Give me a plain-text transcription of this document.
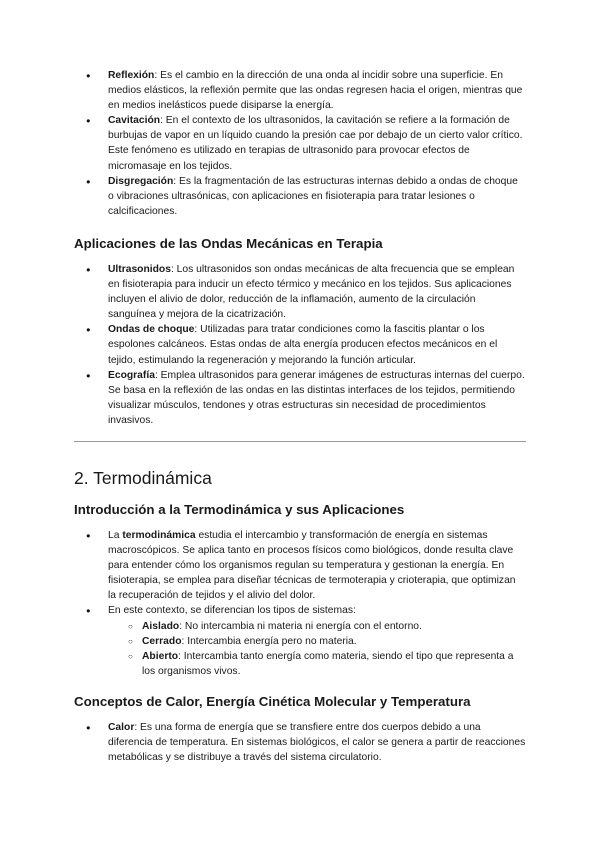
● Reflexión: Es el cambio en la dirección de una onda al incidir sobre una superficie. En medios elásticos, la reflexión permite que las ondas regresen hacia el origen, mientras que en medios inelásticos puede disiparse la energía.
● Cavitación: En el contexto de los ultrasonidos, la cavitación se refiere a la formación de burbujas de vapor en un líquido cuando la presión cae por debajo de un cierto valor crítico. Este fenómeno es utilizado en terapias de ultrasonido para provocar efectos de micromasaje en los tejidos.
● Disgregación: Es la fragmentación de las estructuras internas debido a ondas de choque o vibraciones ultrasónicas, con aplicaciones en fisioterapia para tratar lesiones o calcificaciones.
Aplicaciones de las Ondas Mecánicas en Terapia
● Ultrasonidos: Los ultrasonidos son ondas mecánicas de alta frecuencia que se emplean en fisioterapia para inducir un efecto térmico y mecánico en los tejidos. Sus aplicaciones incluyen el alivio de dolor, reducción de la inflamación, aumento de la circulación sanguínea y mejora de la cicatrización.
● Ondas de choque: Utilizadas para tratar condiciones como la fascitis plantar o los espolones calcáneos. Estas ondas de alta energía producen efectos mecánicos en el tejido, estimulando la regeneración y mejorando la función articular.
● Ecografía: Emplea ultrasonidos para generar imágenes de estructuras internas del cuerpo. Se basa en la reflexión de las ondas en las distintas interfaces de los tejidos, permitiendo visualizar músculos, tendones y otras estructuras sin necesidad de procedimientos invasivos.
2. Termodinámica
Introducción a la Termodinámica y sus Aplicaciones
● La termodinámica estudia el intercambio y transformación de energía en sistemas macroscópicos. Se aplica tanto en procesos físicos como biológicos, donde resulta clave para entender cómo los organismos regulan su temperatura y gestionan la energía. En fisioterapia, se emplea para diseñar técnicas de termoterapia y crioterapia, que optimizan la recuperación de tejidos y el alivio del dolor.
● En este contexto, se diferencian los tipos de sistemas:
○ Aislado: No intercambia ni materia ni energía con el entorno.
○ Cerrado: Intercambia energía pero no materia.
○ Abierto: Intercambia tanto energía como materia, siendo el tipo que representa a los organismos vivos.
Conceptos de Calor, Energía Cinética Molecular y Temperatura
● Calor: Es una forma de energía que se transfiere entre dos cuerpos debido a una diferencia de temperatura. En sistemas biológicos, el calor se genera a partir de reacciones metabólicas y se distribuye a través del sistema circulatorio.
